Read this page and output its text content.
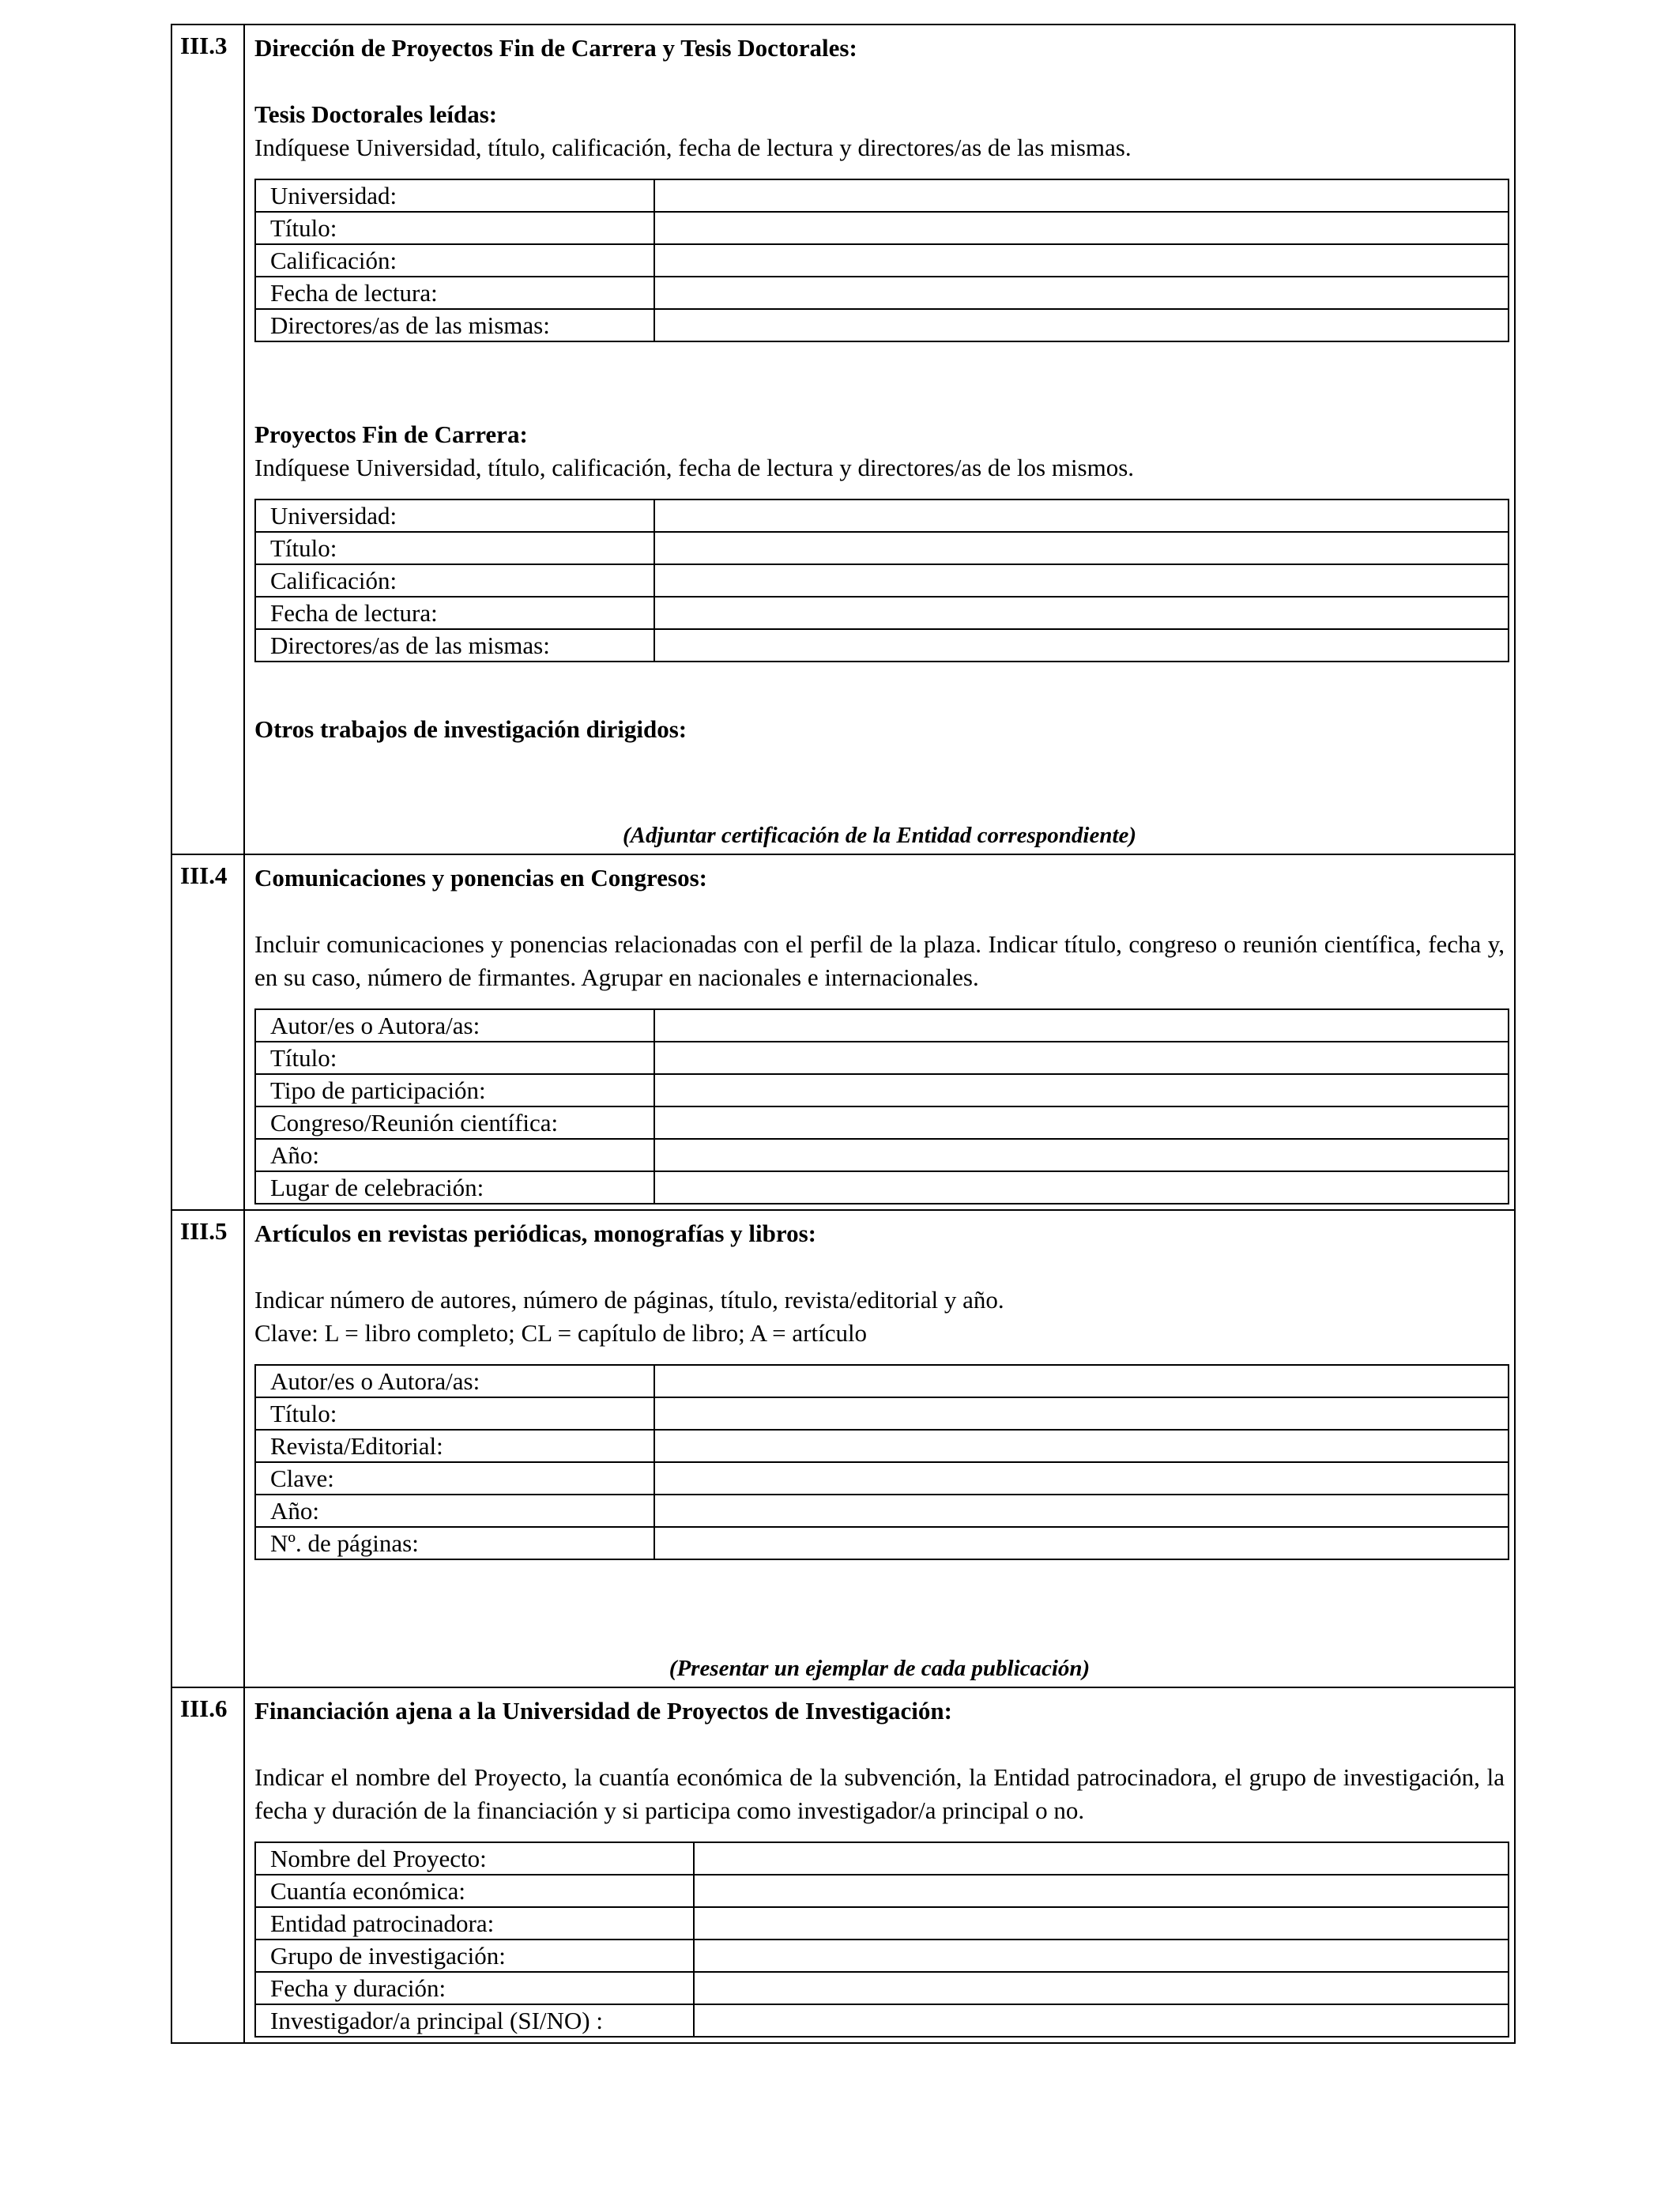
III.3	Dirección de Proyectos Fin de Carrera y Tesis Doctorales:
Tesis Doctorales leídas:
Indíquese Universidad, título, calificación, fecha de lectura y directores/as de las mismas.
Universidad:	
Título:	
Calificación:	
Fecha de lectura:	
Directores/as de las mismas:	
Proyectos Fin de Carrera:
Indíquese Universidad, título, calificación, fecha de lectura y directores/as de los mismos.
Universidad:	
Título:	
Calificación:	
Fecha de lectura:	
Directores/as de las mismas:	
Otros trabajos de investigación dirigidos:
(Adjuntar certificación de la Entidad correspondiente)

III.4	Comunicaciones y ponencias en Congresos:
Incluir comunicaciones y ponencias relacionadas con el perfil de la plaza. Indicar título, congreso o reunión científica, fecha y, en su caso, número de firmantes. Agrupar en nacionales e internacionales.
Autor/es o Autora/as:	
Título:	
Tipo de participación:	
Congreso/Reunión científica:	
Año:	
Lugar de celebración:	

III.5	Artículos en revistas periódicas, monografías y libros:
Indicar número de autores, número de páginas, título, revista/editorial y año.
Clave: L = libro completo; CL = capítulo de libro; A = artículo
Autor/es o Autora/as:	
Título:	
Revista/Editorial:	
Clave:	
Año:	
Nº. de páginas:	
(Presentar un ejemplar de cada publicación)

III.6	Financiación ajena a la Universidad de Proyectos de Investigación:
Indicar el nombre del Proyecto, la cuantía económica de la subvención, la Entidad patrocinadora, el grupo de investigación, la fecha y duración de la financiación y si participa como investigador/a principal o no.
Nombre del Proyecto:	
Cuantía económica:	
Entidad patrocinadora:	
Grupo de investigación:	
Fecha y duración:	
Investigador/a principal (SI/NO) :	
